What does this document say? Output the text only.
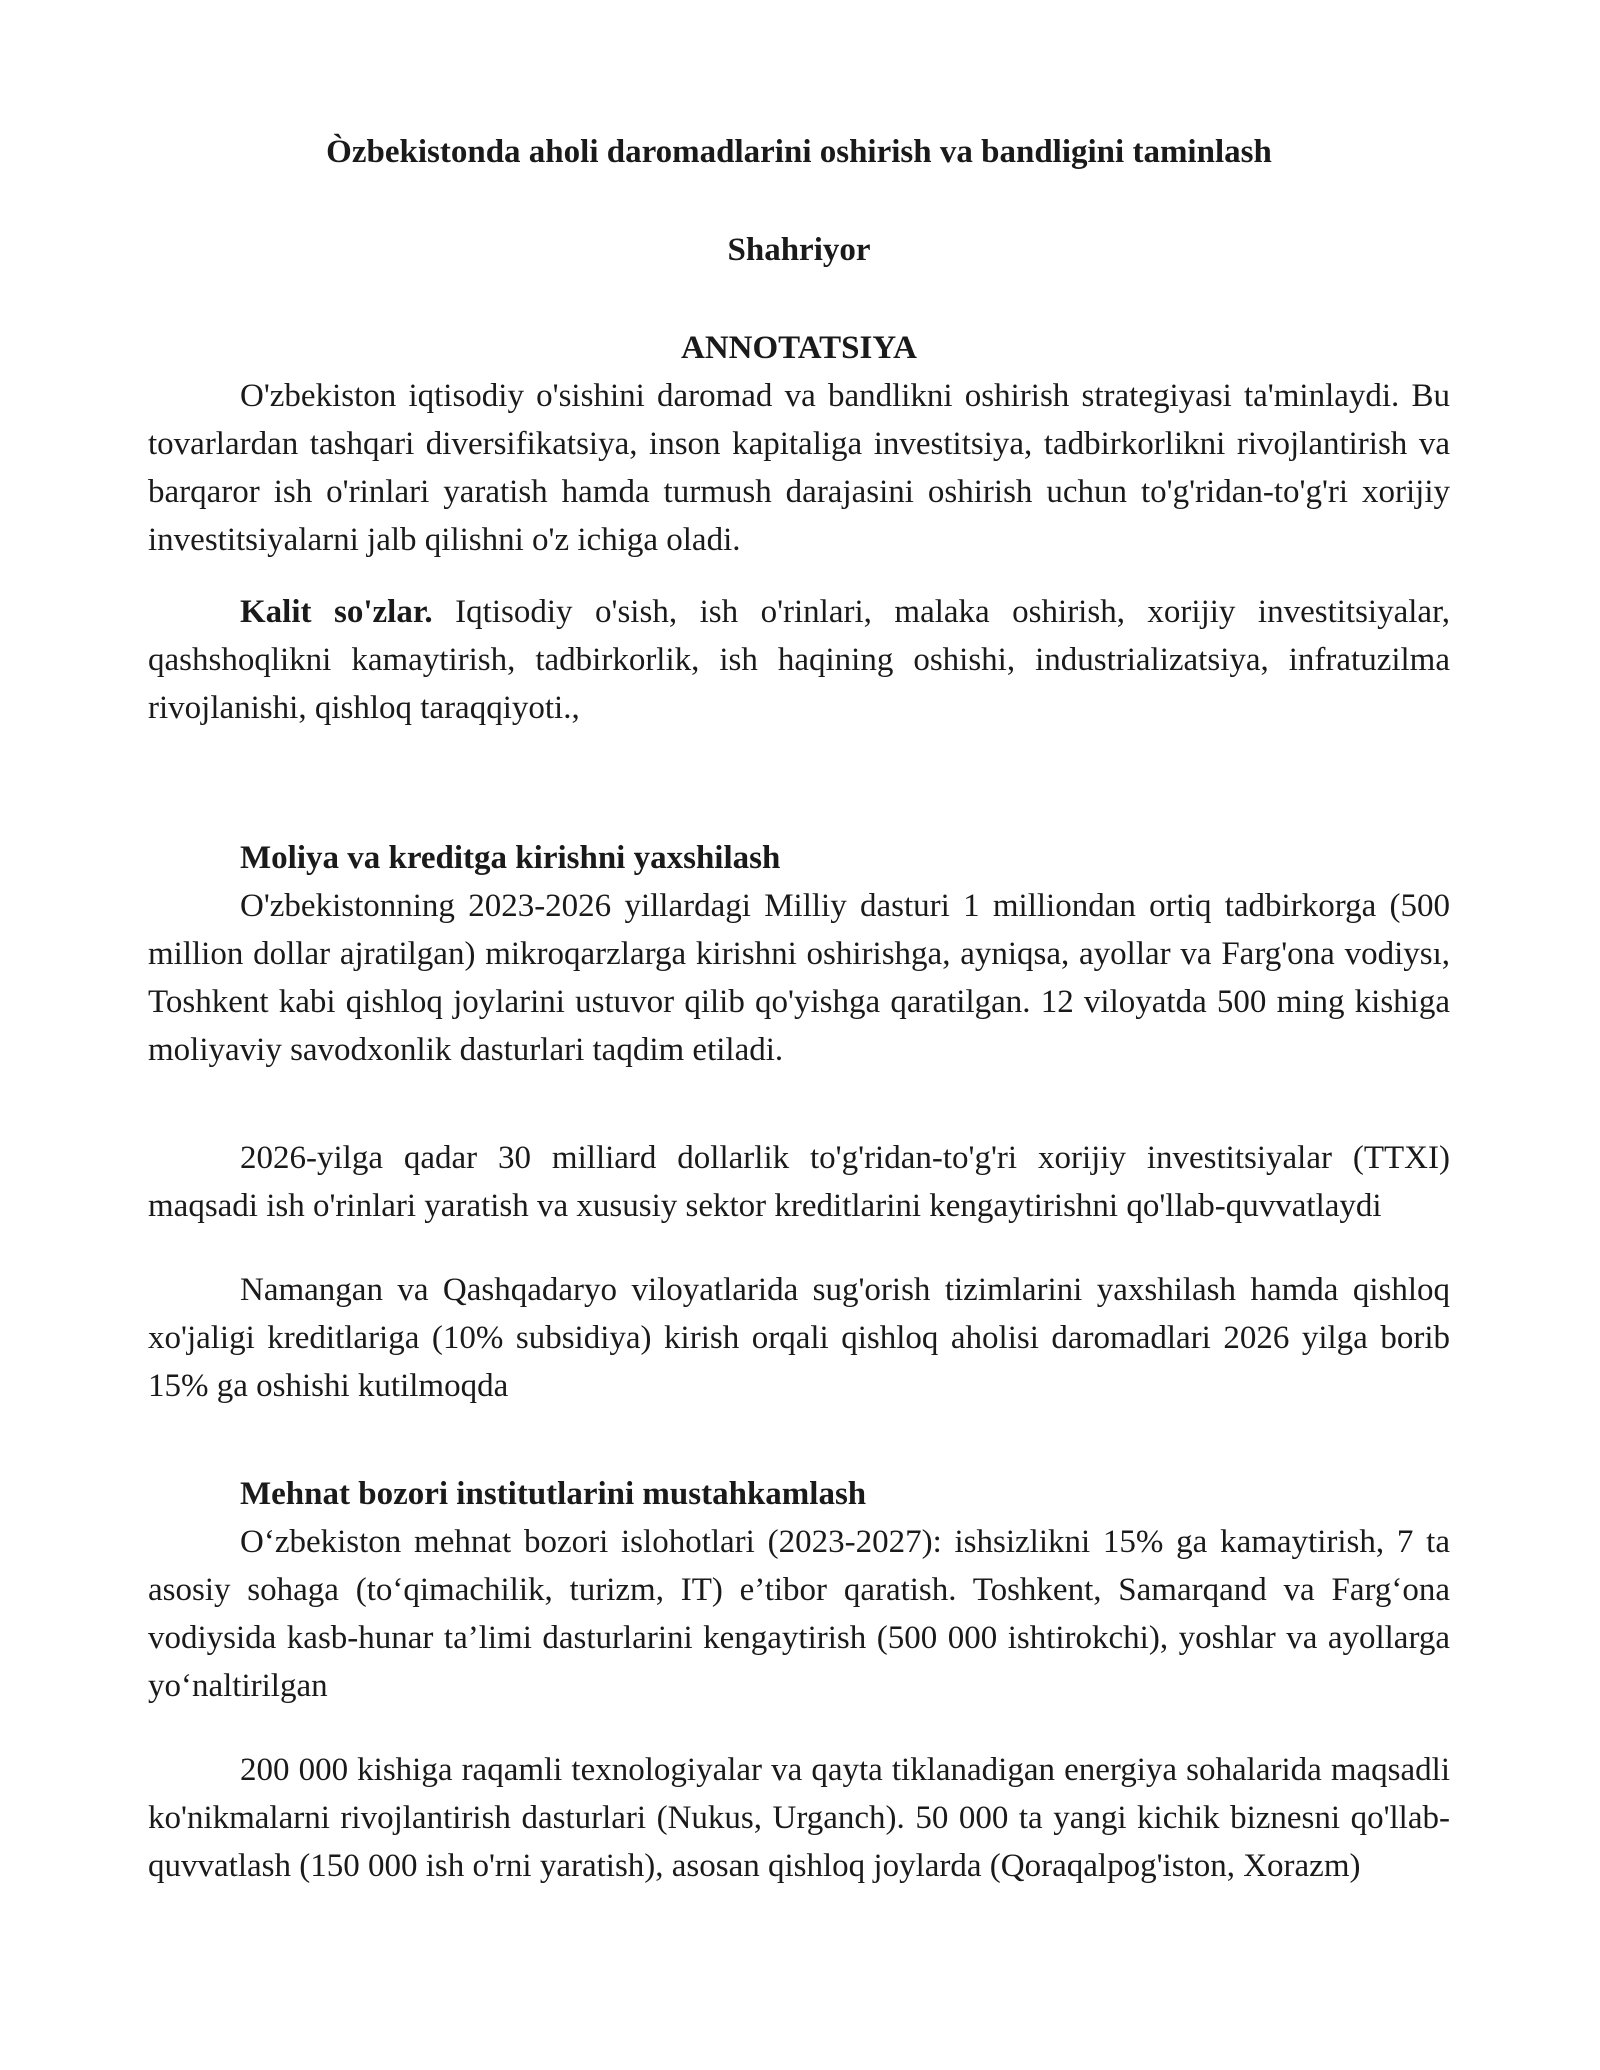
Òzbekistonda aholi daromadlarini oshirish va bandligini taminlash
Shahriyor
ANNOTATSIYA

O'zbekiston iqtisodiy o'sishini daromad va bandlikni oshirish strategiyasi ta'minlaydi. Bu tovarlardan tashqari diversifikatsiya, inson kapitaliga investitsiya, tadbirkorlikni rivojlantirish va barqaror ish o'rinlari yaratish hamda turmush darajasini oshirish uchun to'g'ridan-to'g'ri xorijiy investitsiyalarni jalb qilishni o'z ichiga oladi.

Kalit so'zlar. Iqtisodiy o'sish, ish o'rinlari, malaka oshirish, xorijiy investitsiyalar, qashshoqlikni kamaytirish, tadbirkorlik, ish haqining oshishi, industrializatsiya, infratuzilma rivojlanishi, qishloq taraqqiyoti.,

Moliya va kreditga kirishni yaxshilash

O'zbekistonning 2023-2026 yillardagi Milliy dasturi 1 milliondan ortiq tadbirkorga (500 million dollar ajratilgan) mikroqarzlarga kirishni oshirishga, ayniqsa, ayollar va Farg'ona vodiysı, Toshkent kabi qishloq joylarini ustuvor qilib qo'yishga qaratilgan. 12 viloyatda 500 ming kishiga moliyaviy savodxonlik dasturlari taqdim etiladi.

2026-yilga qadar 30 milliard dollarlik to'g'ridan-to'g'ri xorijiy investitsiyalar (TTXI) maqsadi ish o'rinlari yaratish va xususiy sektor kreditlarini kengaytirishni qo'llab-quvvatlaydi

Namangan va Qashqadaryo viloyatlarida sug'orish tizimlarini yaxshilash hamda qishloq xo'jaligi kreditlariga (10% subsidiya) kirish orqali qishloq aholisi daromadlari 2026 yilga borib 15% ga oshishi kutilmoqda

Mehnat bozori institutlarini mustahkamlash

O‘zbekiston mehnat bozori islohotlari (2023-2027): ishsizlikni 15% ga kamaytirish, 7 ta asosiy sohaga (to‘qimachilik, turizm, IT) e’tibor qaratish. Toshkent, Samarqand va Farg‘ona vodiysida kasb-hunar ta’limi dasturlarini kengaytirish (500 000 ishtirokchi), yoshlar va ayollarga yo‘naltirilgan

200 000 kishiga raqamli texnologiyalar va qayta tiklanadigan energiya sohalarida maqsadli ko'nikmalarni rivojlantirish dasturlari (Nukus, Urganch). 50 000 ta yangi kichik biznesni qo'llab-quvvatlash (150 000 ish o'rni yaratish), asosan qishloq joylarda (Qoraqalpog'iston, Xorazm)
